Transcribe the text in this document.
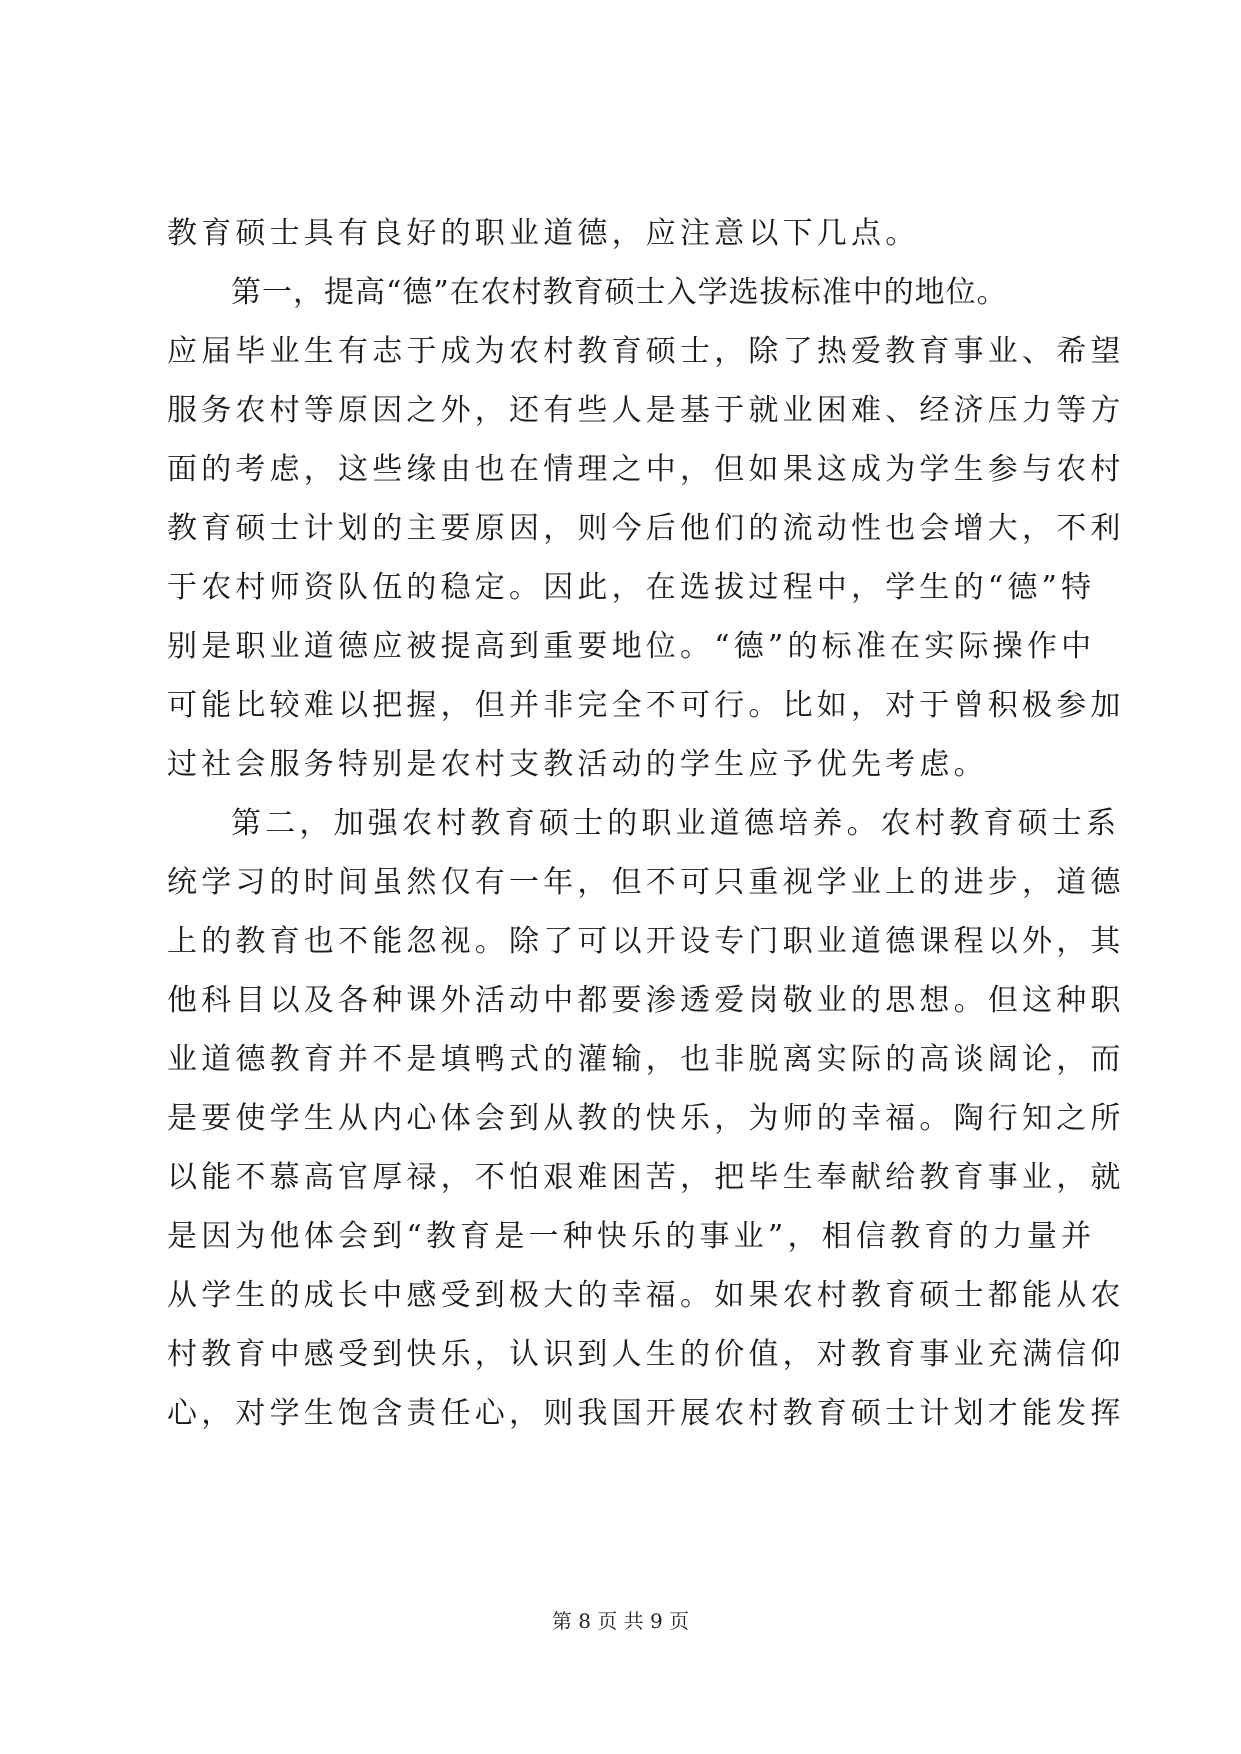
教育硕士具有良好的职业道德，应注意以下几点。
第一，提高“德”在农村教育硕士入学选拔标准中的地位。
应届毕业生有志于成为农村教育硕士，除了热爱教育事业、希望
服务农村等原因之外，还有些人是基于就业困难、经济压力等方
面的考虑，这些缘由也在情理之中，但如果这成为学生参与农村
教育硕士计划的主要原因，则今后他们的流动性也会增大，不利
于农村师资队伍的稳定。因此，在选拔过程中，学生的“德”特
别是职业道德应被提高到重要地位。“德”的标准在实际操作中
可能比较难以把握，但并非完全不可行。比如，对于曾积极参加
过社会服务特别是农村支教活动的学生应予优先考虑。
第二，加强农村教育硕士的职业道德培养。农村教育硕士系
统学习的时间虽然仅有一年，但不可只重视学业上的进步，道德
上的教育也不能忽视。除了可以开设专门职业道德课程以外，其
他科目以及各种课外活动中都要渗透爱岗敬业的思想。但这种职
业道德教育并不是填鸭式的灌输，也非脱离实际的高谈阔论，而
是要使学生从内心体会到从教的快乐，为师的幸福。陶行知之所
以能不慕高官厚禄，不怕艰难困苦，把毕生奉献给教育事业，就
是因为他体会到“教育是一种快乐的事业”，相信教育的力量并
从学生的成长中感受到极大的幸福。如果农村教育硕士都能从农
村教育中感受到快乐，认识到人生的价值，对教育事业充满信仰
心，对学生饱含责任心，则我国开展农村教育硕士计划才能发挥
第 8 页 共 9 页
